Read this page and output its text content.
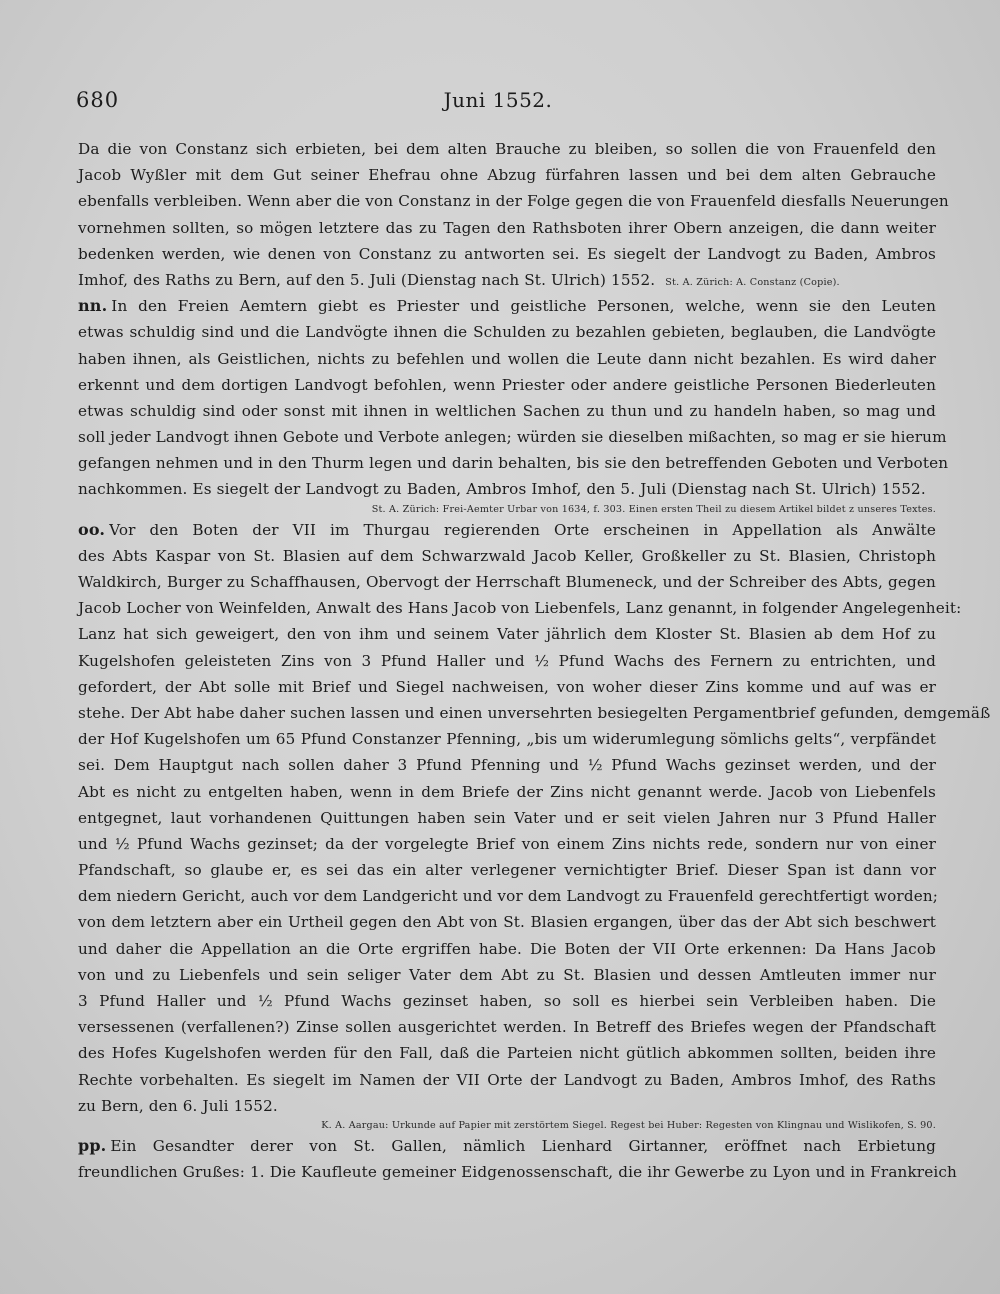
680	Juni 1552.
Da die von Constanz sich erbieten, bei dem alten Brauche zu bleiben, so sollen die von Frauenfeld den
Jacob Wyßler mit dem Gut seiner Ehefrau ohne Abzug fürfahren lassen und bei dem alten Gebrauche
ebenfalls verbleiben. Wenn aber die von Constanz in der Folge gegen die von Frauenfeld diesfalls Neuerungen
vornehmen sollten, so mögen letztere das zu Tagen den Rathsboten ihrer Obern anzeigen, die dann weiter
bedenken werden, wie denen von Constanz zu antworten sei. Es siegelt der Landvogt zu Baden, Ambros
Imhof, des Raths zu Bern, auf den 5. Juli (Dienstag nach St. Ulrich) 1552. St. A. Zürich: A. Constanz (Copie).
nn. In den Freien Aemtern giebt es Priester und geistliche Personen, welche, wenn sie den Leuten
etwas schuldig sind und die Landvögte ihnen die Schulden zu bezahlen gebieten, beglauben, die Landvögte
haben ihnen, als Geistlichen, nichts zu befehlen und wollen die Leute dann nicht bezahlen. Es wird daher
erkennt und dem dortigen Landvogt befohlen, wenn Priester oder andere geistliche Personen Biederleuten
etwas schuldig sind oder sonst mit ihnen in weltlichen Sachen zu thun und zu handeln haben, so mag und
soll jeder Landvogt ihnen Gebote und Verbote anlegen; würden sie dieselben mißachten, so mag er sie hierum
gefangen nehmen und in den Thurm legen und darin behalten, bis sie den betreffenden Geboten und Verboten
nachkommen. Es siegelt der Landvogt zu Baden, Ambros Imhof, den 5. Juli (Dienstag nach St. Ulrich) 1552.
St. A. Zürich: Frei-Aemter Urbar von 1634, f. 303. Einen ersten Theil zu diesem Artikel bildet z unseres Textes.
oo. Vor den Boten der VII im Thurgau regierenden Orte erscheinen in Appellation als Anwälte
des Abts Kaspar von St. Blasien auf dem Schwarzwald Jacob Keller, Großkeller zu St. Blasien, Christoph
Waldkirch, Burger zu Schaffhausen, Obervogt der Herrschaft Blumeneck, und der Schreiber des Abts, gegen
Jacob Locher von Weinfelden, Anwalt des Hans Jacob von Liebenfels, Lanz genannt, in folgender Angelegenheit:
Lanz hat sich geweigert, den von ihm und seinem Vater jährlich dem Kloster St. Blasien ab dem Hof zu
Kugelshofen geleisteten Zins von 3 Pfund Haller und ½ Pfund Wachs des Fernern zu entrichten, und
gefordert, der Abt solle mit Brief und Siegel nachweisen, von woher dieser Zins komme und auf was er
stehe. Der Abt habe daher suchen lassen und einen unversehrten besiegelten Pergamentbrief gefunden, demgemäß
der Hof Kugelshofen um 65 Pfund Constanzer Pfenning, „bis um widerumlegung sömlichs gelts“, verpfändet
sei. Dem Hauptgut nach sollen daher 3 Pfund Pfenning und ½ Pfund Wachs gezinset werden, und der
Abt es nicht zu entgelten haben, wenn in dem Briefe der Zins nicht genannt werde. Jacob von Liebenfels
entgegnet, laut vorhandenen Quittungen haben sein Vater und er seit vielen Jahren nur 3 Pfund Haller
und ½ Pfund Wachs gezinset; da der vorgelegte Brief von einem Zins nichts rede, sondern nur von einer
Pfandschaft, so glaube er, es sei das ein alter verlegener vernichtigter Brief. Dieser Span ist dann vor
dem niedern Gericht, auch vor dem Landgericht und vor dem Landvogt zu Frauenfeld gerechtfertigt worden;
von dem letztern aber ein Urtheil gegen den Abt von St. Blasien ergangen, über das der Abt sich beschwert
und daher die Appellation an die Orte ergriffen habe. Die Boten der VII Orte erkennen: Da Hans Jacob
von und zu Liebenfels und sein seliger Vater dem Abt zu St. Blasien und dessen Amtleuten immer nur
3 Pfund Haller und ½ Pfund Wachs gezinset haben, so soll es hierbei sein Verbleiben haben. Die
versessenen (verfallenen?) Zinse sollen ausgerichtet werden. In Betreff des Briefes wegen der Pfandschaft
des Hofes Kugelshofen werden für den Fall, daß die Parteien nicht gütlich abkommen sollten, beiden ihre
Rechte vorbehalten. Es siegelt im Namen der VII Orte der Landvogt zu Baden, Ambros Imhof, des Raths
zu Bern, den 6. Juli 1552.
K. A. Aargau: Urkunde auf Papier mit zerstörtem Siegel. Regest bei Huber: Regesten von Klingnau und Wislikofen, S. 90.
pp. Ein Gesandter derer von St. Gallen, nämlich Lienhard Girtanner, eröffnet nach Erbietung
freundlichen Grußes: 1. Die Kaufleute gemeiner Eidgenossenschaft, die ihr Gewerbe zu Lyon und in Frankreich
